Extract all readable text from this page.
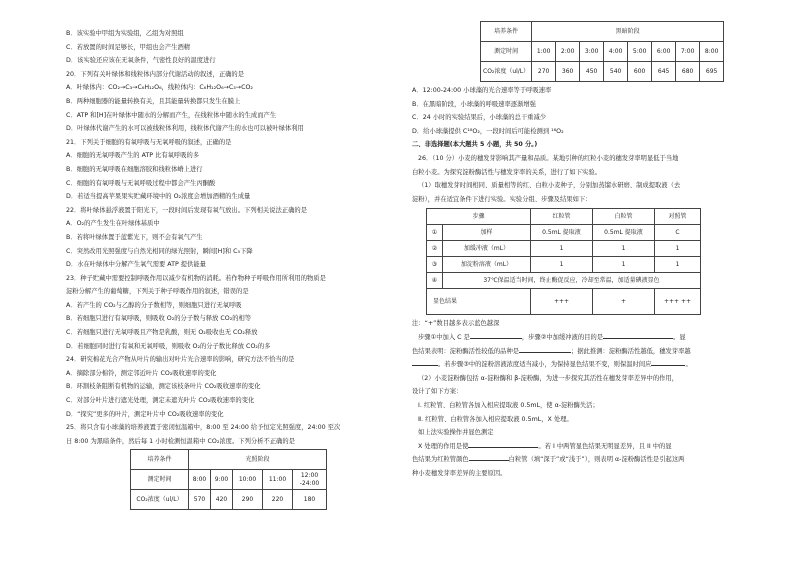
B．该实验中甲组为实验组，乙组为对照组
C．若放置的时间足够长，甲组也会产生酒精
D．该实验还应该在无氧条件，气密性良好的温度进行
20．下列有关叶绿体和线粒体内部分代谢活动的叙述，正确的是
A．叶绿体内：CO₂→C₃→C₆H₁₂O₆，线粒体内：C₆H₁₂O₆→C₃→CO₂
B．两种细胞器的能量转换有关，且其能量转换都只发生在膜上
C．ATP 和[H]在叶绿体中随水的分解而产生，在线粒体中随水的生成而产生
D．叶绿体代谢产生的水可以被线粒体利用，线粒体代谢产生的水也可以被叶绿体利用
21．下列关于细胞的有氧呼吸与无氧呼吸的叙述，正确的是
A．细胞的无氧呼吸产生的 ATP 比有氧呼吸的多
B．细胞的无氧呼吸在细胞溶胶和线粒体嵴上进行
C．细胞的有氧呼吸与无氧呼吸过程中都会产生丙酮酸
D．若适当提高苹果果实贮藏环境中的 O₂浓度会增加酒精的生成量
22．将叶绿体悬浮液置于阳光下，一段时间后发现有氧气放出。下列相关说法正确的是
A．O₂的产生发生在叶绿体基质中
B．若将叶绿体置于蓝紫光下，则不会有氧气产生
C．突然改用光照强度与自然光相同的绿光照射，瞬间[H]和 C₅下降
D．水在叶绿体中分解产生氧气需要 ATP 提供能量
23．种子贮藏中需要控制呼吸作用以减少有机物的消耗。若作物种子呼吸作用所利用的物质是
淀粉分解产生的葡萄糖，下列关于种子呼吸作用的叙述，错误的是
A．若产生的 CO₂与乙醇的分子数相等，则细胞只进行无氧呼吸
B．若细胞只进行有氧呼吸，则吸收 O₂的分子数与释放 CO₂的相等
C．若细胞只进行无氧呼吸且产物是乳酸，则无 O₂吸收也无 CO₂释放
D．若细胞同时进行有氧和无氧呼吸，则吸收 O₂的分子数比释放 CO₂的多
24．研究棉花光合产物从叶片的输出对叶片光合速率的影响，研究方法不恰当的是
A．摘除部分棉铃，测定邻近叶片 CO₂吸收速率的变化
B．环割枝条阻断有机物的运输，测定该枝条叶片 CO₂吸收速率的变化
C．对部分叶片进行遮光处理，测定未遮光叶片 CO₂吸收速率的变化
D．“探究”更多的叶片，测定叶片中 CO₂吸收速率的变化
25．将只含有小球藻的培养液置于密闭恒温箱中，8:00 至 24:00 给予恒定光照强度，24:00 至次
日 8:00 为黑暗条件，然后每 1 小时检测恒温箱中 CO₂浓度。下列分析不正确的是
培养条件	光照阶段				
测定时间	8:00	9:00	10:00	11:00	12:00 -24:00
CO₂浓度（ul/L）	570	420	290	220	180
培养条件	黑暗阶段							
测定时间	1:00	2:00	3:00	4:00	5:00	6:00	7:00	8:00
CO₂浓度（ul/L）	270	360	450	540	600	645	680	695
A．12:00-24:00 小球藻的光合速率等于呼吸速率
B．在黑暗阶段，小球藻的呼吸速率逐渐增强
C．24 小时的实验结果后，小球藻的总干重减少
D．给小球藻提供 C¹⁸O₂，一段时间后可能检测到 ¹⁸O₂
二、非选择题(本大题共 5 小题，共 50 分。)
26．（10 分）小麦的穗发芽影响其产量和品质。某地引种的红粒小麦的穗发芽率明显低于当地
白粒小麦。为探究淀粉酶活性与穗发芽率的关系，进行了如下实验。
（1）取穗发芽时间相同、质量相等的红、白粒小麦种子，分别加蒸馏水研磨、制成提取液（去
淀粉），并在适宜条件下进行实验。实验分组、步骤及结果如下：
步骤		红粒管	白粒管	对照管
①	加样	0.5mL 提取液	0.5mL 提取液	C
②	加缓冲液（mL）	1	1	1
③	加淀粉溶液（mL）	1	1	1
④	37℃保温适当时间，终止酶促反应，冷却至常温，加适量碘液显色			
显色结果		+++	+	+++ ++
注：“+”数目越多表示蓝色越深
步骤①中加入 C 是	，步骤②中加缓冲液的目的是	。显
色结果表明：淀粉酶活性较低的品种是	；据此推测：淀粉酶活性越低，穗发芽率越
。若步骤③中的淀粉溶液浓度适当减小，为保持显色结果不变，则保温时间应	。
（2）小麦淀粉酶包括 α-淀粉酶和 β-淀粉酶，为进一步探究其活性在穗发芽率差异中的作用，
设计了如下方案：
Ⅰ. 红粒管、白粒管各加入相应提取液 0.5mL，使 α-淀粉酶失活；
Ⅱ. 红粒管、白粒管各加入相应提取液 0.5mL，X 处理。
如上法实验操作并显色测定
X 处理的作用是使	。若 I 中两管显色结果无明显差异，且 II 中的显
色结果为红粒管颜色	白粒管（填“深于”或“浅于”），则表明 α-淀粉酶活性是引起这两
种小麦穗发芽率差异的主要原因。
